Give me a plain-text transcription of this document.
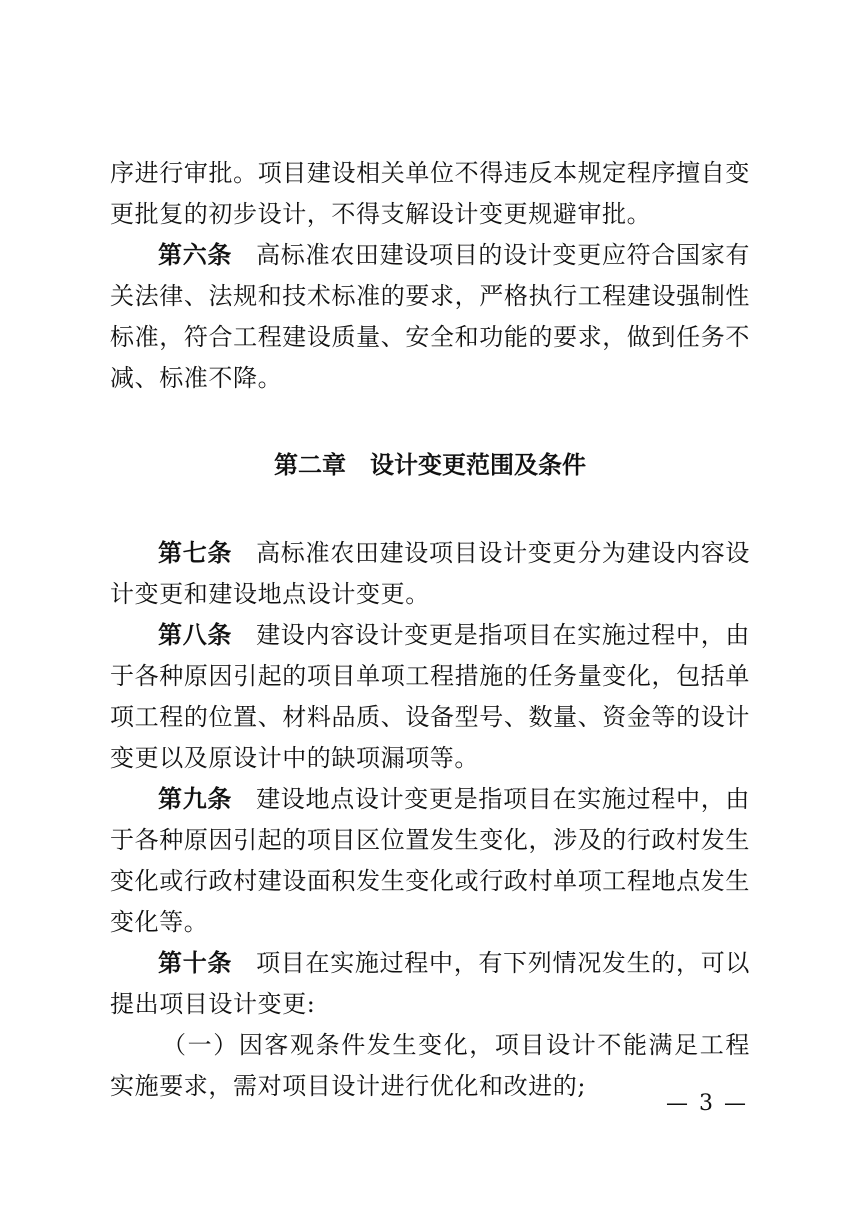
序进行审批。项目建设相关单位不得违反本规定程序擅自变更批复的初步设计，不得支解设计变更规避审批。

第六条 高标准农田建设项目的设计变更应符合国家有关法律、法规和技术标准的要求，严格执行工程建设强制性标准，符合工程建设质量、安全和功能的要求，做到任务不减、标准不降。

第二章 设计变更范围及条件

第七条 高标准农田建设项目设计变更分为建设内容设计变更和建设地点设计变更。

第八条 建设内容设计变更是指项目在实施过程中，由于各种原因引起的项目单项工程措施的任务量变化，包括单项工程的位置、材料品质、设备型号、数量、资金等的设计变更以及原设计中的缺项漏项等。

第九条 建设地点设计变更是指项目在实施过程中，由于各种原因引起的项目区位置发生变化，涉及的行政村发生变化或行政村建设面积发生变化或行政村单项工程地点发生变化等。

第十条 项目在实施过程中，有下列情况发生的，可以提出项目设计变更:

（一）因客观条件发生变化，项目设计不能满足工程实施要求，需对项目设计进行优化和改进的;

— 3 —
